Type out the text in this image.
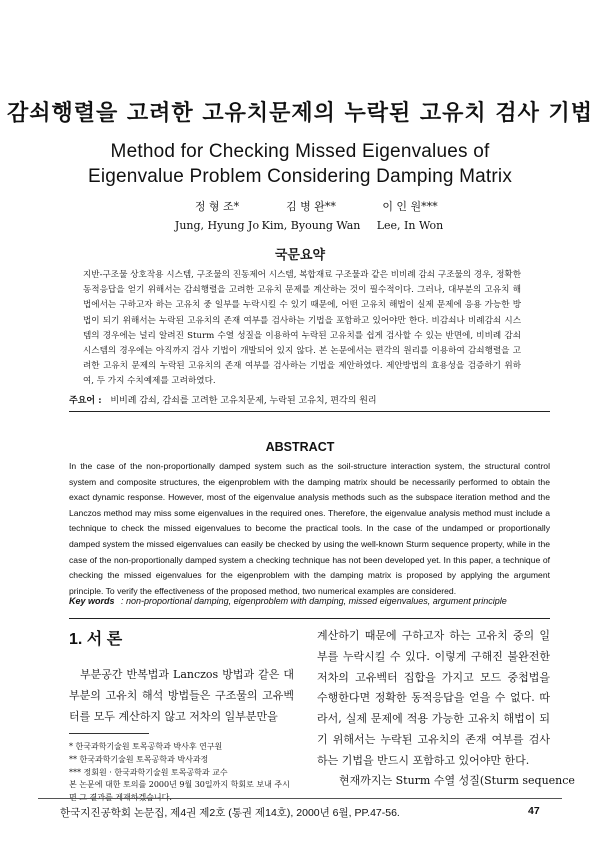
감쇠행렬을 고려한 고유치문제의 누락된 고유치 검사 기법
Method for Checking Missed Eigenvalues of
Eigenvalue Problem Considering Damping Matrix
정 형 조*
Jung, Hyung Jo
김 병 완**
Kim, Byoung Wan
이 인 원***
Lee, In Won
국문요약

지반-구조물 상호작용 시스템, 구조물의 진동제어 시스템, 복합재료 구조물과 같은 비비례 감쇠 구조물의 경우, 정확한 동적응답을 얻기 위해서는 감쇠행렬을 고려한 고유치 문제를 계산하는 것이 필수적이다. 그러나, 대부분의 고유치 해법에서는 구하고자 하는 고유치 중 일부를 누락시킬 수 있기 때문에, 어떤 고유치 해법이 실제 문제에 응용 가능한 방법이 되기 위해서는 누락된 고유치의 존재 여부를 검사하는 기법을 포함하고 있어야만 한다. 비감쇠나 비례감쇠 시스템의 경우에는 널리 알려진 Sturm 수열 성질을 이용하여 누락된 고유치를 쉽게 검사할 수 있는 반면에, 비비례 감쇠 시스템의 경우에는 아직까지 검사 기법이 개발되어 있지 않다. 본 논문에서는 편각의 원리를 이용하여 감쇠행렬을 고려한 고유치 문제의 누락된 고유치의 존재 여부를 검사하는 기법을 제안하였다. 제안방법의 효용성을 검증하기 위하여, 두 가지 수치예제를 고려하였다.

주요어 : 비비례 감쇠, 감쇠를 고려한 고유치문제, 누락된 고유치, 편각의 원리
ABSTRACT

In the case of the non-proportionally damped system such as the soil-structure interaction system, the structural control system and composite structures, the eigenproblem with the damping matrix should be necessarily performed to obtain the exact dynamic response. However, most of the eigenvalue analysis methods such as the subspace iteration method and the Lanczos method may miss some eigenvalues in the required ones. Therefore, the eigenvalue analysis method must include a technique to check the missed eigenvalues to become the practical tools. In the case of the undamped or proportionally damped system the missed eigenvalues can easily be checked by using the well-known Sturm sequence property, while in the case of the non-proportionally damped system a checking technique has not been developed yet. In this paper, a technique of checking the missed eigenvalues for the eigenproblem with the damping matrix is proposed by applying the argument principle. To verify the effectiveness of the proposed method, two numerical examples are considered.

Key words : non-proportional damping, eigenproblem with damping, missed eigenvalues, argument principle
1. 서 론

부분공간 반복법과 Lanczos 방법과 같은 대부분의 고유치 해석 방법들은 구조물의 고유벡터를 모두 계산하지 않고 저차의 일부분만을

* 한국과학기술원 토목공학과 박사후 연구원
** 한국과학기술원 토목공학과 박사과정
*** 정회원 · 한국과학기술원 토목공학과 교수
본 논문에 대한 토의를 2000년 9월 30일까지 학회로 보내 주시

계산하기 때문에 구하고자 하는 고유치 중의 일부를 누락시킬 수 있다. 이렇게 구해진 불완전한 저차의 고유벡터 집합을 가지고 모드 중첩법을 수행한다면 정확한 동적응답을 얻을 수 없다. 따라서, 실제 문제에 적용 가능한 고유치 해법이 되기 위해서는 누락된 고유치의 존재 여부를 검사하는 기법을 반드시 포함하고 있어야만 한다.

현재까지는 Sturm 수열 성질(Sturm sequence

한국지진공학회 논문집, 제4권 제2호 (통권 제14호), 2000년 6월, PP.47-56.	47
